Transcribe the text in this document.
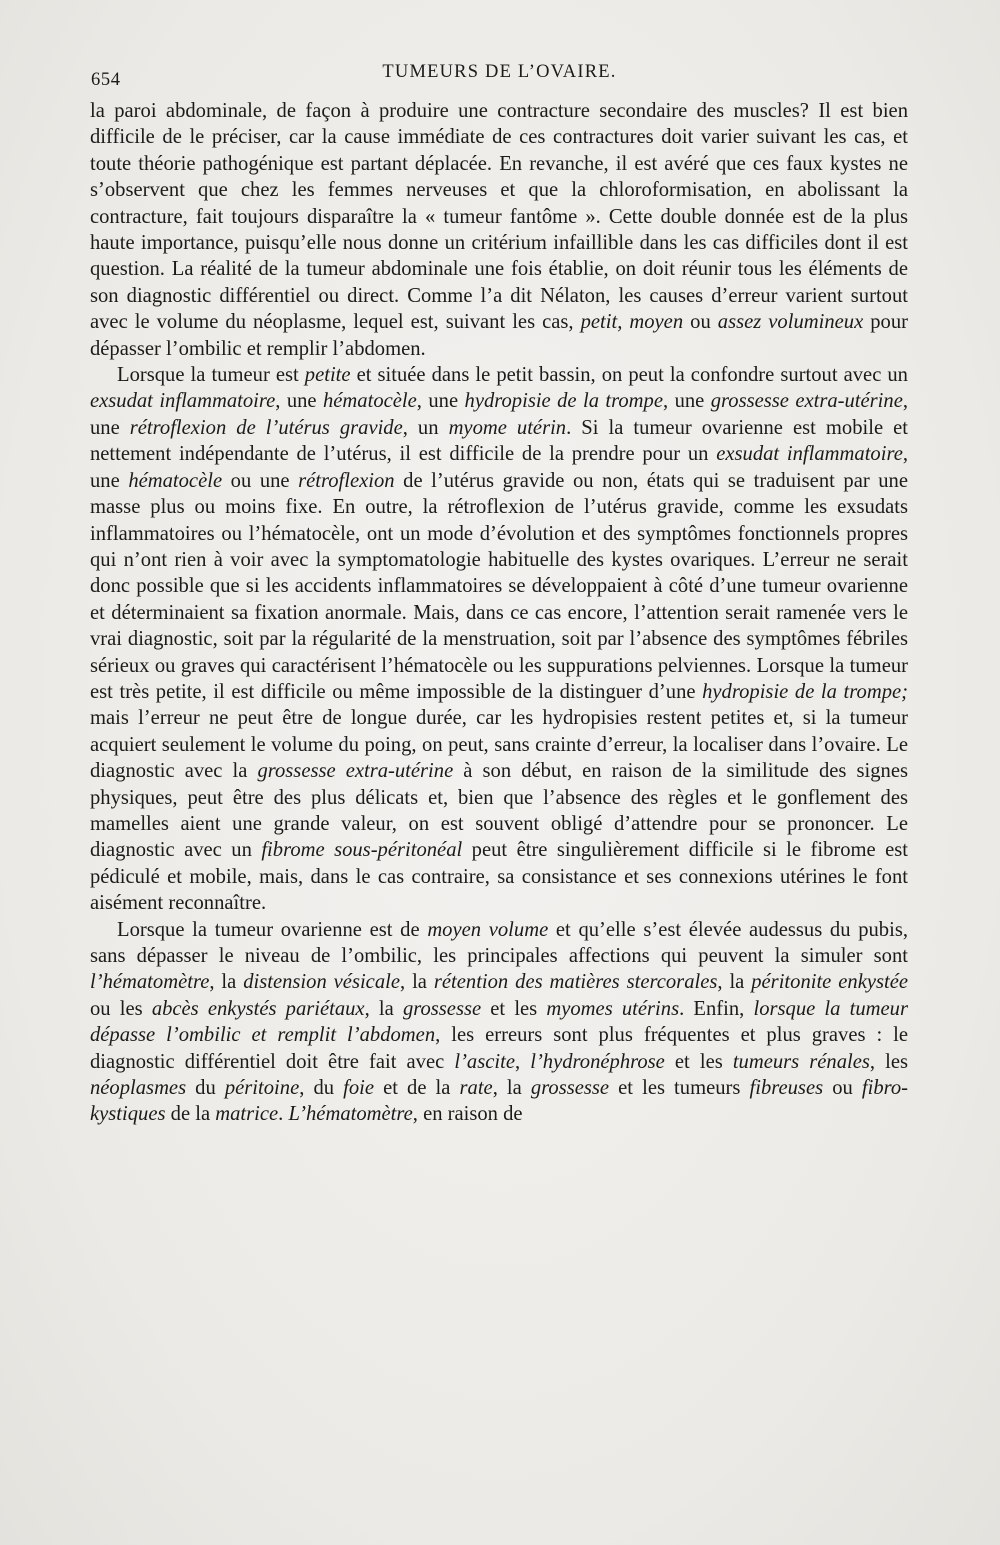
654	TUMEURS DE L’OVAIRE.

la paroi abdominale, de façon à produire une contracture secondaire des muscles? Il est bien difficile de le préciser, car la cause immédiate de ces contractures doit varier suivant les cas, et toute théorie pathogénique est partant déplacée. En revanche, il est avéré que ces faux kystes ne s’observent que chez les femmes nerveuses et que la chloroformisation, en abolissant la contracture, fait toujours disparaître la « tumeur fantôme ». Cette double donnée est de la plus haute importance, puisqu’elle nous donne un critérium infaillible dans les cas difficiles dont il est question. La réalité de la tumeur abdominale une fois établie, on doit réunir tous les éléments de son diagnostic différentiel ou direct. Comme l’a dit Nélaton, les causes d’erreur varient surtout avec le volume du néoplasme, lequel est, suivant les cas, petit, moyen ou assez volumineux pour dépasser l’ombilic et remplir l’abdomen.

Lorsque la tumeur est petite et située dans le petit bassin, on peut la confondre surtout avec un exsudat inflammatoire, une hématocèle, une hydropisie de la trompe, une grossesse extra-utérine, une rétroflexion de l’utérus gravide, un myome utérin. Si la tumeur ovarienne est mobile et nettement indépendante de l’utérus, il est difficile de la prendre pour un exsudat inflammatoire, une hématocèle ou une rétroflexion de l’utérus gravide ou non, états qui se traduisent par une masse plus ou moins fixe. En outre, la rétroflexion de l’utérus gravide, comme les exsudats inflammatoires ou l’hématocèle, ont un mode d’évolution et des symptômes fonctionnels propres qui n’ont rien à voir avec la symptomatologie habituelle des kystes ovariques. L’erreur ne serait donc possible que si les accidents inflammatoires se développaient à côté d’une tumeur ovarienne et déterminaient sa fixation anormale. Mais, dans ce cas encore, l’attention serait ramenée vers le vrai diagnostic, soit par la régularité de la menstruation, soit par l’absence des symptômes fébriles sérieux ou graves qui caractérisent l’hématocèle ou les suppurations pelviennes. Lorsque la tumeur est très petite, il est difficile ou même impossible de la distinguer d’une hydropisie de la trompe; mais l’erreur ne peut être de longue durée, car les hydropisies restent petites et, si la tumeur acquiert seulement le volume du poing, on peut, sans crainte d’erreur, la localiser dans l’ovaire. Le diagnostic avec la grossesse extra-utérine à son début, en raison de la similitude des signes physiques, peut être des plus délicats et, bien que l’absence des règles et le gonflement des mamelles aient une grande valeur, on est souvent obligé d’attendre pour se prononcer. Le diagnostic avec un fibrome sous-péritonéal peut être singulièrement difficile si le fibrome est pédiculé et mobile, mais, dans le cas contraire, sa consistance et ses connexions utérines le font aisément reconnaître.

Lorsque la tumeur ovarienne est de moyen volume et qu’elle s’est élevée audessus du pubis, sans dépasser le niveau de l’ombilic, les principales affections qui peuvent la simuler sont l’hématomètre, la distension vésicale, la rétention des matières stercorales, la péritonite enkystée ou les abcès enkystés pariétaux, la grossesse et les myomes utérins. Enfin, lorsque la tumeur dépasse l’ombilic et remplit l’abdomen, les erreurs sont plus fréquentes et plus graves : le diagnostic différentiel doit être fait avec l’ascite, l’hydronéphrose et les tumeurs rénales, les néoplasmes du péritoine, du foie et de la rate, la grossesse et les tumeurs fibreuses ou fibro-kystiques de la matrice. L’hématomètre, en raison de
